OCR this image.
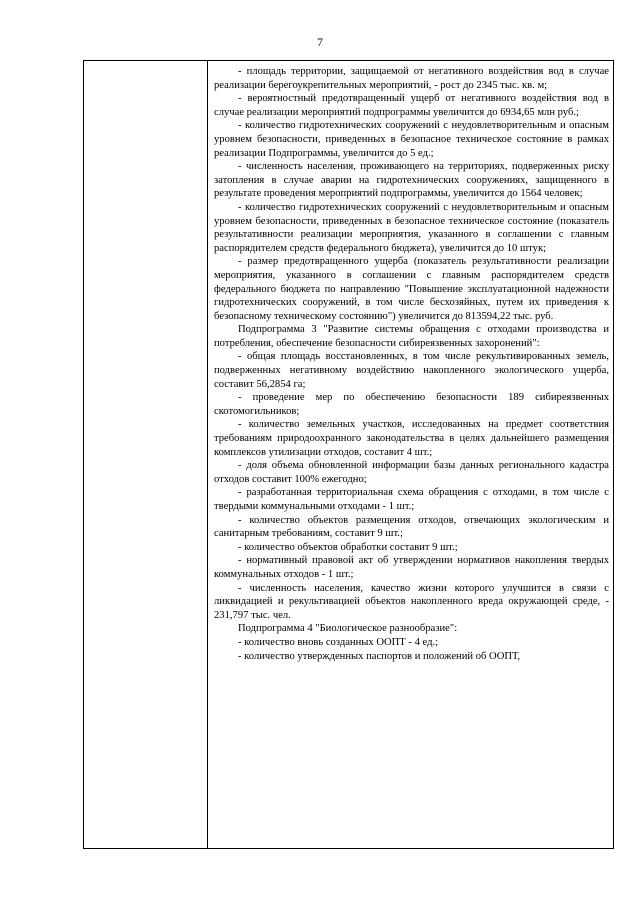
7

- площадь территории, защищаемой от негативного воздействия вод в случае реализации берегоукрепительных мероприятий, - рост до 2345 тыс. кв. м;

- вероятностный предотвращенный ущерб от негативного воздействия вод в случае реализации мероприятий подпрограммы увеличится до 6934,65 млн руб.;

- количество гидротехнических сооружений с неудовлетворительным и опасным уровнем безопасности, приведенных в безопасное техническое состояние в рамках реализации Подпрограммы, увеличится до 5 ед.;

- численность населения, проживающего на территориях, подверженных риску затопления в случае аварии на гидротехнических сооружениях, защищенного в результате проведения мероприятий подпрограммы, увеличится до 1564 человек;

- количество гидротехнических сооружений с неудовлетворительным и опасным уровнем безопасности, приведенных в безопасное техническое состояние (показатель результативности реализации мероприятия, указанного в соглашении с главным распорядителем средств федерального бюджета), увеличится до 10 штук;

- размер предотвращенного ущерба (показатель результативности реализации мероприятия, указанного в соглашении с главным распорядителем средств федерального бюджета по направлению "Повышение эксплуатационной надежности гидротехнических сооружений, в том числе бесхозяйных, путем их приведения к безопасному техническому состоянию") увеличится до 813594,22 тыс. руб.

Подпрограмма 3 "Развитие системы обращения с отходами производства и потребления, обеспечение безопасности сибиреязвенных захоронений":

- общая площадь восстановленных, в том числе рекультивированных земель, подверженных негативному воздействию накопленного экологического ущерба, составит 56,2854 га;

- проведение мер по обеспечению безопасности 189 сибиреязвенных скотомогильников;

- количество земельных участков, исследованных на предмет соответствия требованиям природоохранного законодательства в целях дальнейшего размещения комплексов утилизации отходов, составит 4 шт.;

- доля объема обновленной информации базы данных регионального кадастра отходов составит 100% ежегодно;

- разработанная территориальная схема обращения с отходами, в том числе с твердыми коммунальными отходами - 1 шт.;

- количество объектов размещения отходов, отвечающих экологическим и санитарным требованиям, составит 9 шт.;

- количество объектов обработки составит 9 шт.;

- нормативный правовой акт об утверждении нормативов накопления твердых коммунальных отходов - 1 шт.;

- численность населения, качество жизни которого улучшится в связи с ликвидацией и рекультивацией объектов накопленного вреда окружающей среде, - 231,797 тыс. чел.

Подпрограмма 4 "Биологическое разнообразие":

- количество вновь созданных ООПТ - 4 ед.;

- количество утвержденных паспортов и положений об ООПТ,
